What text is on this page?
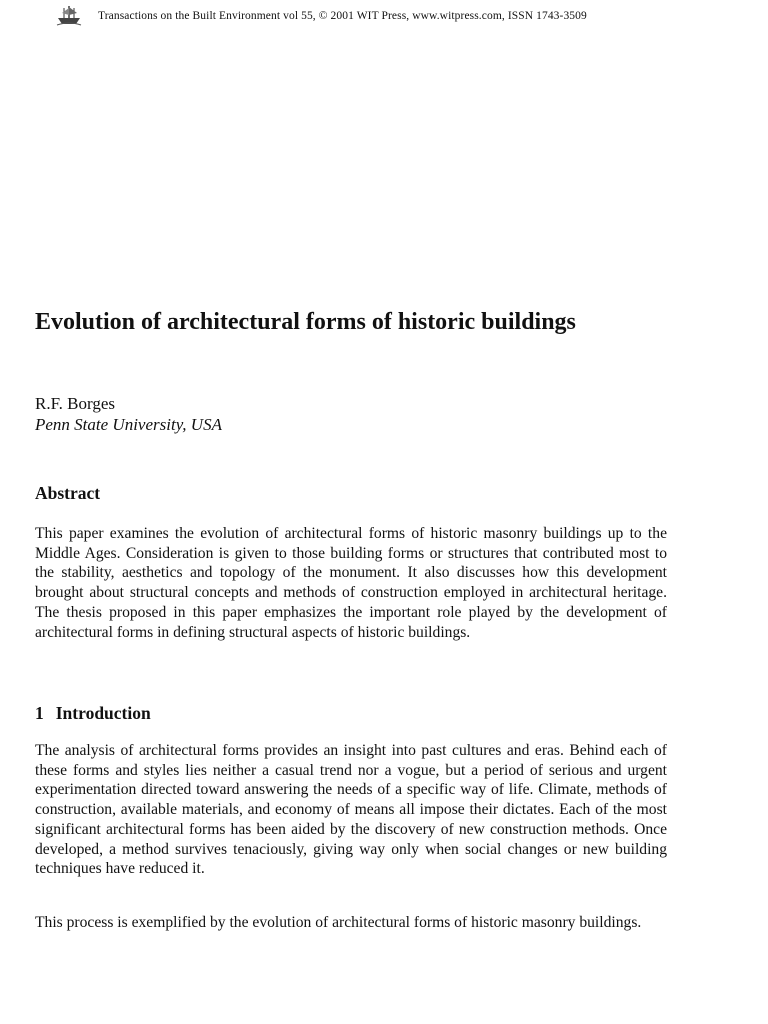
Transactions on the Built Environment vol 55, © 2001 WIT Press, www.witpress.com, ISSN 1743-3509
Evolution of architectural forms of historic buildings

R.F. Borges

Penn State University, USA

Abstract

This paper examines the evolution of architectural forms of historic masonry buildings up to the Middle Ages. Consideration is given to those building forms or structures that contributed most to the stability, aesthetics and topology of the monument. It also discusses how this development brought about structural concepts and methods of construction employed in architectural heritage. The thesis proposed in this paper emphasizes the important role played by the development of architectural forms in defining structural aspects of historic buildings.

1 Introduction

The analysis of architectural forms provides an insight into past cultures and eras. Behind each of these forms and styles lies neither a casual trend nor a vogue, but a period of serious and urgent experimentation directed toward answering the needs of a specific way of life. Climate, methods of construction, available materials, and economy of means all impose their dictates. Each of the most significant architectural forms has been aided by the discovery of new construction methods. Once developed, a method survives tenaciously, giving way only when social changes or new building techniques have reduced it.

This process is exemplified by the evolution of architectural forms of historic masonry buildings.
